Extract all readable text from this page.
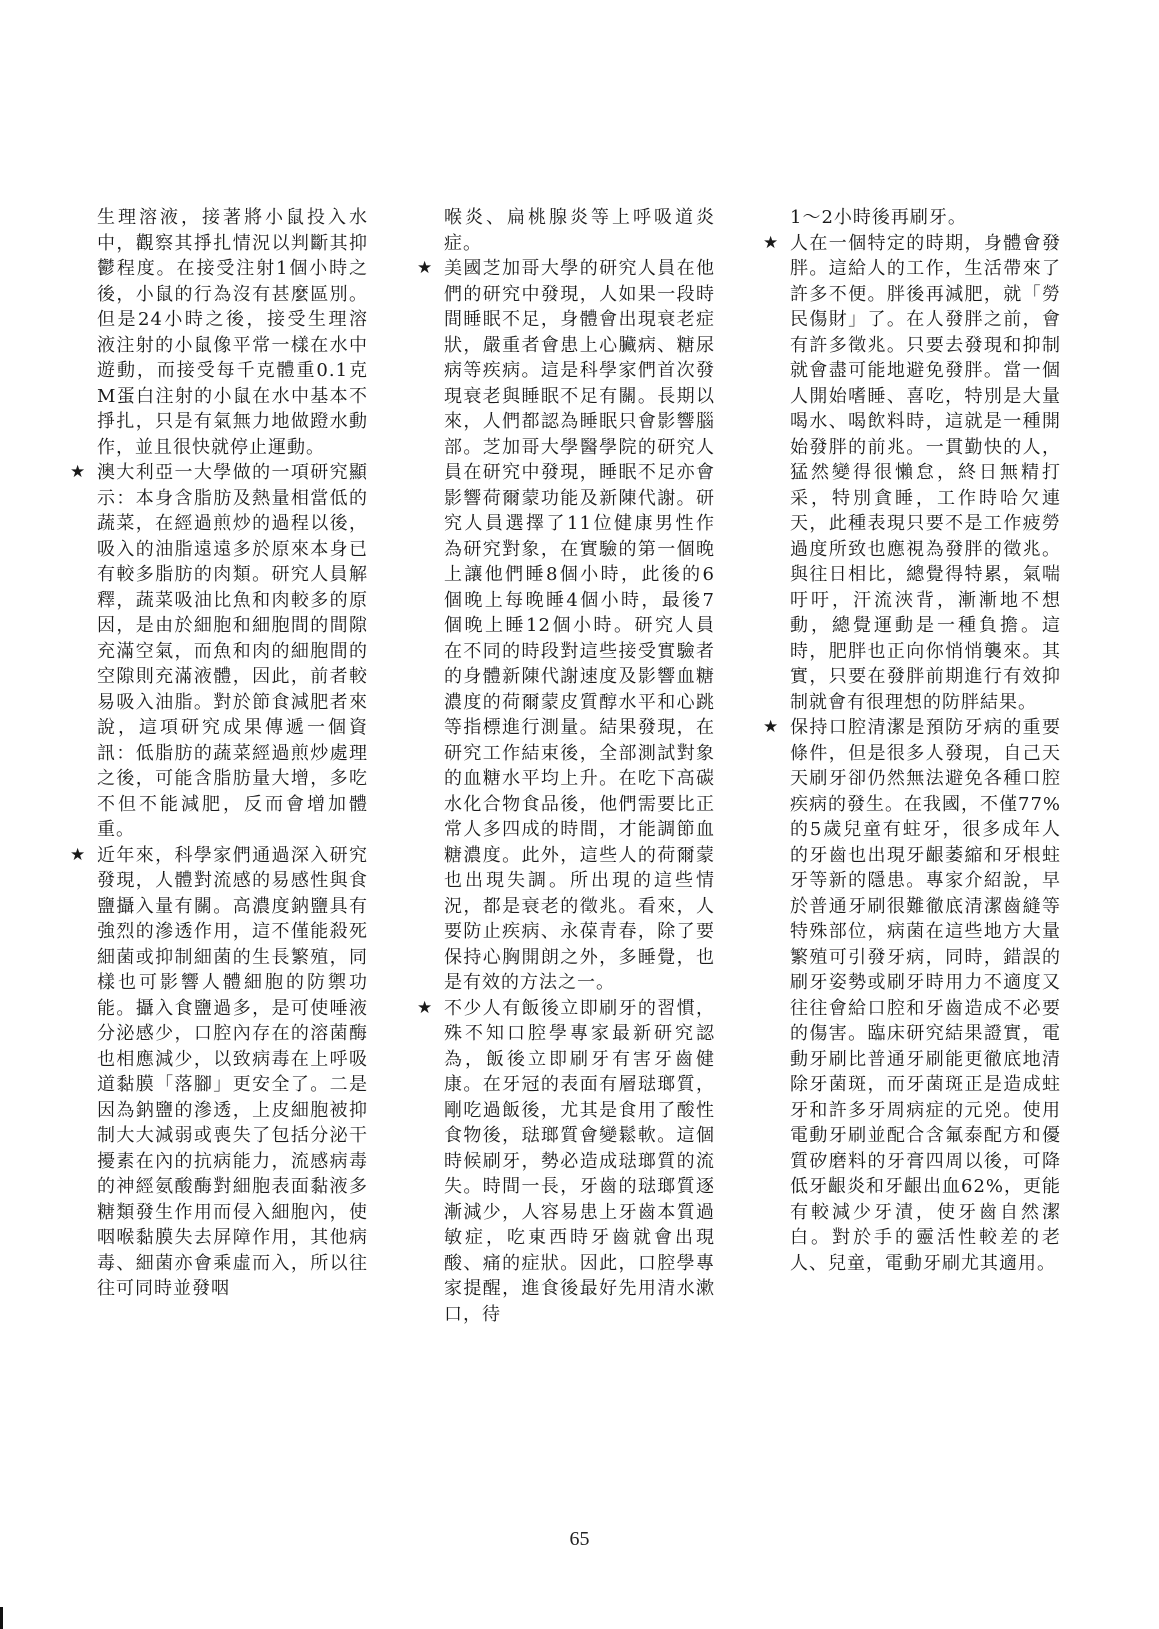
生理溶液，接著將小鼠投入水中，觀察其掙扎情況以判斷其抑鬱程度。在接受注射1個小時之後，小鼠的行為沒有甚麼區別。但是24小時之後，接受生理溶液注射的小鼠像平常一樣在水中遊動，而接受每千克體重0.1克M蛋白注射的小鼠在水中基本不掙扎，只是有氣無力地做蹬水動作，並且很快就停止運動。

★ 澳大利亞一大學做的一項研究顯示：本身含脂肪及熱量相當低的蔬菜，在經過煎炒的過程以後，吸入的油脂遠遠多於原來本身已有較多脂肪的肉類。研究人員解釋，蔬菜吸油比魚和肉較多的原因，是由於細胞和細胞間的間隙充滿空氣，而魚和肉的細胞間的空隙則充滿液體，因此，前者較易吸入油脂。對於節食減肥者來說，這項研究成果傳遞一個資訊：低脂肪的蔬菜經過煎炒處理之後，可能含脂肪量大增，多吃不但不能減肥，反而會增加體重。

★ 近年來，科學家們通過深入研究發現，人體對流感的易感性與食鹽攝入量有關。高濃度鈉鹽具有強烈的滲透作用，這不僅能殺死細菌或抑制細菌的生長繁殖，同樣也可影響人體細胞的防禦功能。攝入食鹽過多，是可使唾液分泌感少，口腔內存在的溶菌酶也相應減少，以致病毒在上呼吸道黏膜「落腳」更安全了。二是因為鈉鹽的滲透，上皮細胞被抑制大大減弱或喪失了包括分泌干擾素在內的抗病能力，流感病毒的神經氨酸酶對細胞表面黏液多糖類發生作用而侵入細胞內，使咽喉黏膜失去屏障作用，其他病毒、細菌亦會乘虛而入，所以往往可同時並發咽

喉炎、扁桃腺炎等上呼吸道炎症。

★ 美國芝加哥大學的研究人員在他們的研究中發現，人如果一段時間睡眠不足，身體會出現衰老症狀，嚴重者會患上心臟病、糖尿病等疾病。這是科學家們首次發現衰老與睡眠不足有關。長期以來，人們都認為睡眠只會影響腦部。芝加哥大學醫學院的研究人員在研究中發現，睡眠不足亦會影響荷爾蒙功能及新陳代謝。研究人員選擇了11位健康男性作為研究對象，在實驗的第一個晚上讓他們睡8個小時，此後的6個晚上每晚睡4個小時，最後7個晚上睡12個小時。研究人員在不同的時段對這些接受實驗者的身體新陳代謝速度及影響血糖濃度的荷爾蒙皮質醇水平和心跳等指標進行測量。結果發現，在研究工作結束後，全部測試對象的血糖水平均上升。在吃下高碳水化合物食品後，他們需要比正常人多四成的時間，才能調節血糖濃度。此外，這些人的荷爾蒙也出現失調。所出現的這些情況，都是衰老的徵兆。看來，人要防止疾病、永葆青春，除了要保持心胸開朗之外，多睡覺，也是有效的方法之一。

★ 不少人有飯後立即刷牙的習慣，殊不知口腔學專家最新研究認為，飯後立即刷牙有害牙齒健康。在牙冠的表面有層琺瑯質，剛吃過飯後，尤其是食用了酸性食物後，琺瑯質會變鬆軟。這個時候刷牙，勢必造成琺瑯質的流失。時間一長，牙齒的琺瑯質逐漸減少，人容易患上牙齒本質過敏症，吃東西時牙齒就會出現酸、痛的症狀。因此，口腔學專家提醒，進食後最好先用清水漱口，待

1～2小時後再刷牙。

★ 人在一個特定的時期，身體會發胖。這給人的工作，生活帶來了許多不便。胖後再減肥，就「勞民傷財」了。在人發胖之前，會有許多徵兆。只要去發現和抑制就會盡可能地避免發胖。當一個人開始嗜睡、喜吃，特別是大量喝水、喝飲料時，這就是一種開始發胖的前兆。一貫勤快的人，猛然變得很懶怠，終日無精打采，特別貪睡，工作時哈欠連天，此種表現只要不是工作疲勞過度所致也應視為發胖的徵兆。與往日相比，總覺得特累，氣喘吁吁，汗流浹背，漸漸地不想動，總覺運動是一種負擔。這時，肥胖也正向你悄悄襲來。其實，只要在發胖前期進行有效抑制就會有很理想的防胖結果。

★ 保持口腔清潔是預防牙病的重要條件，但是很多人發現，自己天天刷牙卻仍然無法避免各種口腔疾病的發生。在我國，不僅77%的5歲兒童有蛀牙，很多成年人的牙齒也出現牙齦萎縮和牙根蛀牙等新的隱患。專家介紹說，早於普通牙刷很難徹底清潔齒縫等特殊部位，病菌在這些地方大量繁殖可引發牙病，同時，錯誤的刷牙姿勢或刷牙時用力不適度又往往會給口腔和牙齒造成不必要的傷害。臨床研究結果證實，電動牙刷比普通牙刷能更徹底地清除牙菌斑，而牙菌斑正是造成蛀牙和許多牙周病症的元兇。使用電動牙刷並配合含氟泰配方和優質矽磨料的牙膏四周以後，可降低牙齦炎和牙齦出血62%，更能有較減少牙漬，使牙齒自然潔白。對於手的靈活性較差的老人、兒童，電動牙刷尤其適用。

65
